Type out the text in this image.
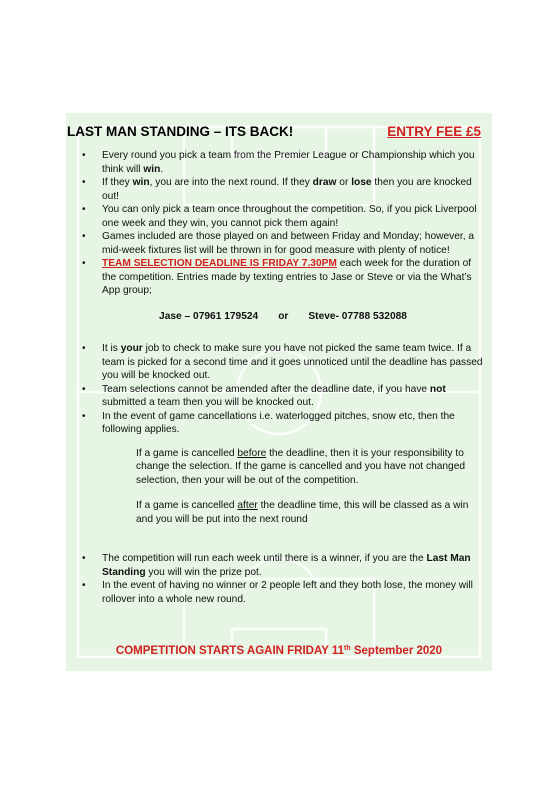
LAST MAN STANDING – ITS BACK!	ENTRY FEE £5
• Every round you pick a team from the Premier League or Championship which you think will win.
• If they win, you are into the next round. If they draw or lose then you are knocked out!
• You can only pick a team once throughout the competition. So, if you pick Liverpool one week and they win, you cannot pick them again!
• Games included are those played on and between Friday and Monday; however, a mid-week fixtures list will be thrown in for good measure with plenty of notice!
• TEAM SELECTION DEADLINE IS FRIDAY 7.30PM each week for the duration of the competition. Entries made by texting entries to Jase or Steve or via the What’s App group;
Jase – 07961 179524 or Steve- 07788 532088
• It is your job to check to make sure you have not picked the same team twice. If a team is picked for a second time and it goes unnoticed until the deadline has passed you will be knocked out.
• Team selections cannot be amended after the deadline date, if you have not submitted a team then you will be knocked out.
• In the event of game cancellations i.e. waterlogged pitches, snow etc, then the following applies.

If a game is cancelled before the deadline, then it is your responsibility to change the selection. If the game is cancelled and you have not changed selection, then your will be out of the competition.

If a game is cancelled after the deadline time, this will be classed as a win and you will be put into the next round

• The competition will run each week until there is a winner, if you are the Last Man Standing you will win the prize pot.
• In the event of having no winner or 2 people left and they both lose, the money will rollover into a whole new round.
COMPETITION STARTS AGAIN FRIDAY 11th September 2020
